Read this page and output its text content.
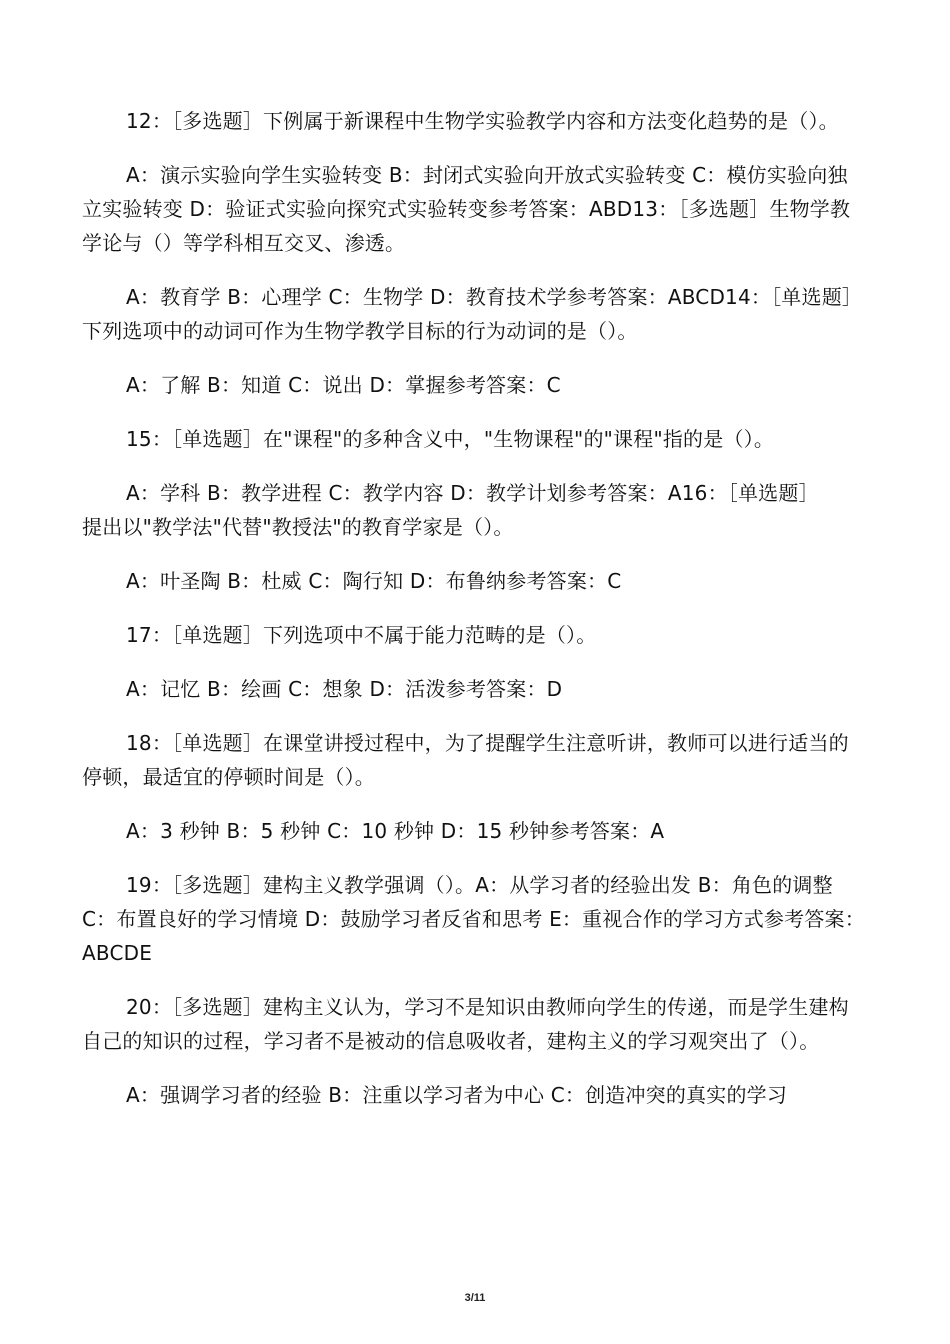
12：［多选题］下例属于新课程中生物学实验教学内容和方法变化趋势的是（）。

A：演示实验向学生实验转变 B：封闭式实验向开放式实验转变 C：模仿实验向独立实验转变 D：验证式实验向探究式实验转变参考答案：ABD13：［多选题］生物学教学论与（）等学科相互交叉、渗透。

A：教育学 B：心理学 C：生物学 D：教育技术学参考答案：ABCD14：［单选题］下列选项中的动词可作为生物学教学目标的行为动词的是（）。

A：了解 B：知道 C：说出 D：掌握参考答案：C

15：［单选题］在"课程"的多种含义中，"生物课程"的"课程"指的是（）。

A：学科 B：教学进程 C：教学内容 D：教学计划参考答案：A16：［单选题］
提出以"教学法"代替"教授法"的教育学家是（）。

A：叶圣陶 B：杜威 C：陶行知 D：布鲁纳参考答案：C

17：［单选题］下列选项中不属于能力范畴的是（）。

A：记忆 B：绘画 C：想象 D：活泼参考答案：D

18：［单选题］在课堂讲授过程中，为了提醒学生注意听讲，教师可以进行适当的停顿，最适宜的停顿时间是（）。

A：3 秒钟 B：5 秒钟 C：10 秒钟 D：15 秒钟参考答案：A

19：［多选题］建构主义教学强调（）。A：从学习者的经验出发 B：角色的调整 C：布置良好的学习情境 D：鼓励学习者反省和思考 E：重视合作的学习方式参考答案：ABCDE

20：［多选题］建构主义认为，学习不是知识由教师向学生的传递，而是学生建构自己的知识的过程，学习者不是被动的信息吸收者，建构主义的学习观突出了（）。

A：强调学习者的经验 B：注重以学习者为中心 C：创造冲突的真实的学习

3/11
